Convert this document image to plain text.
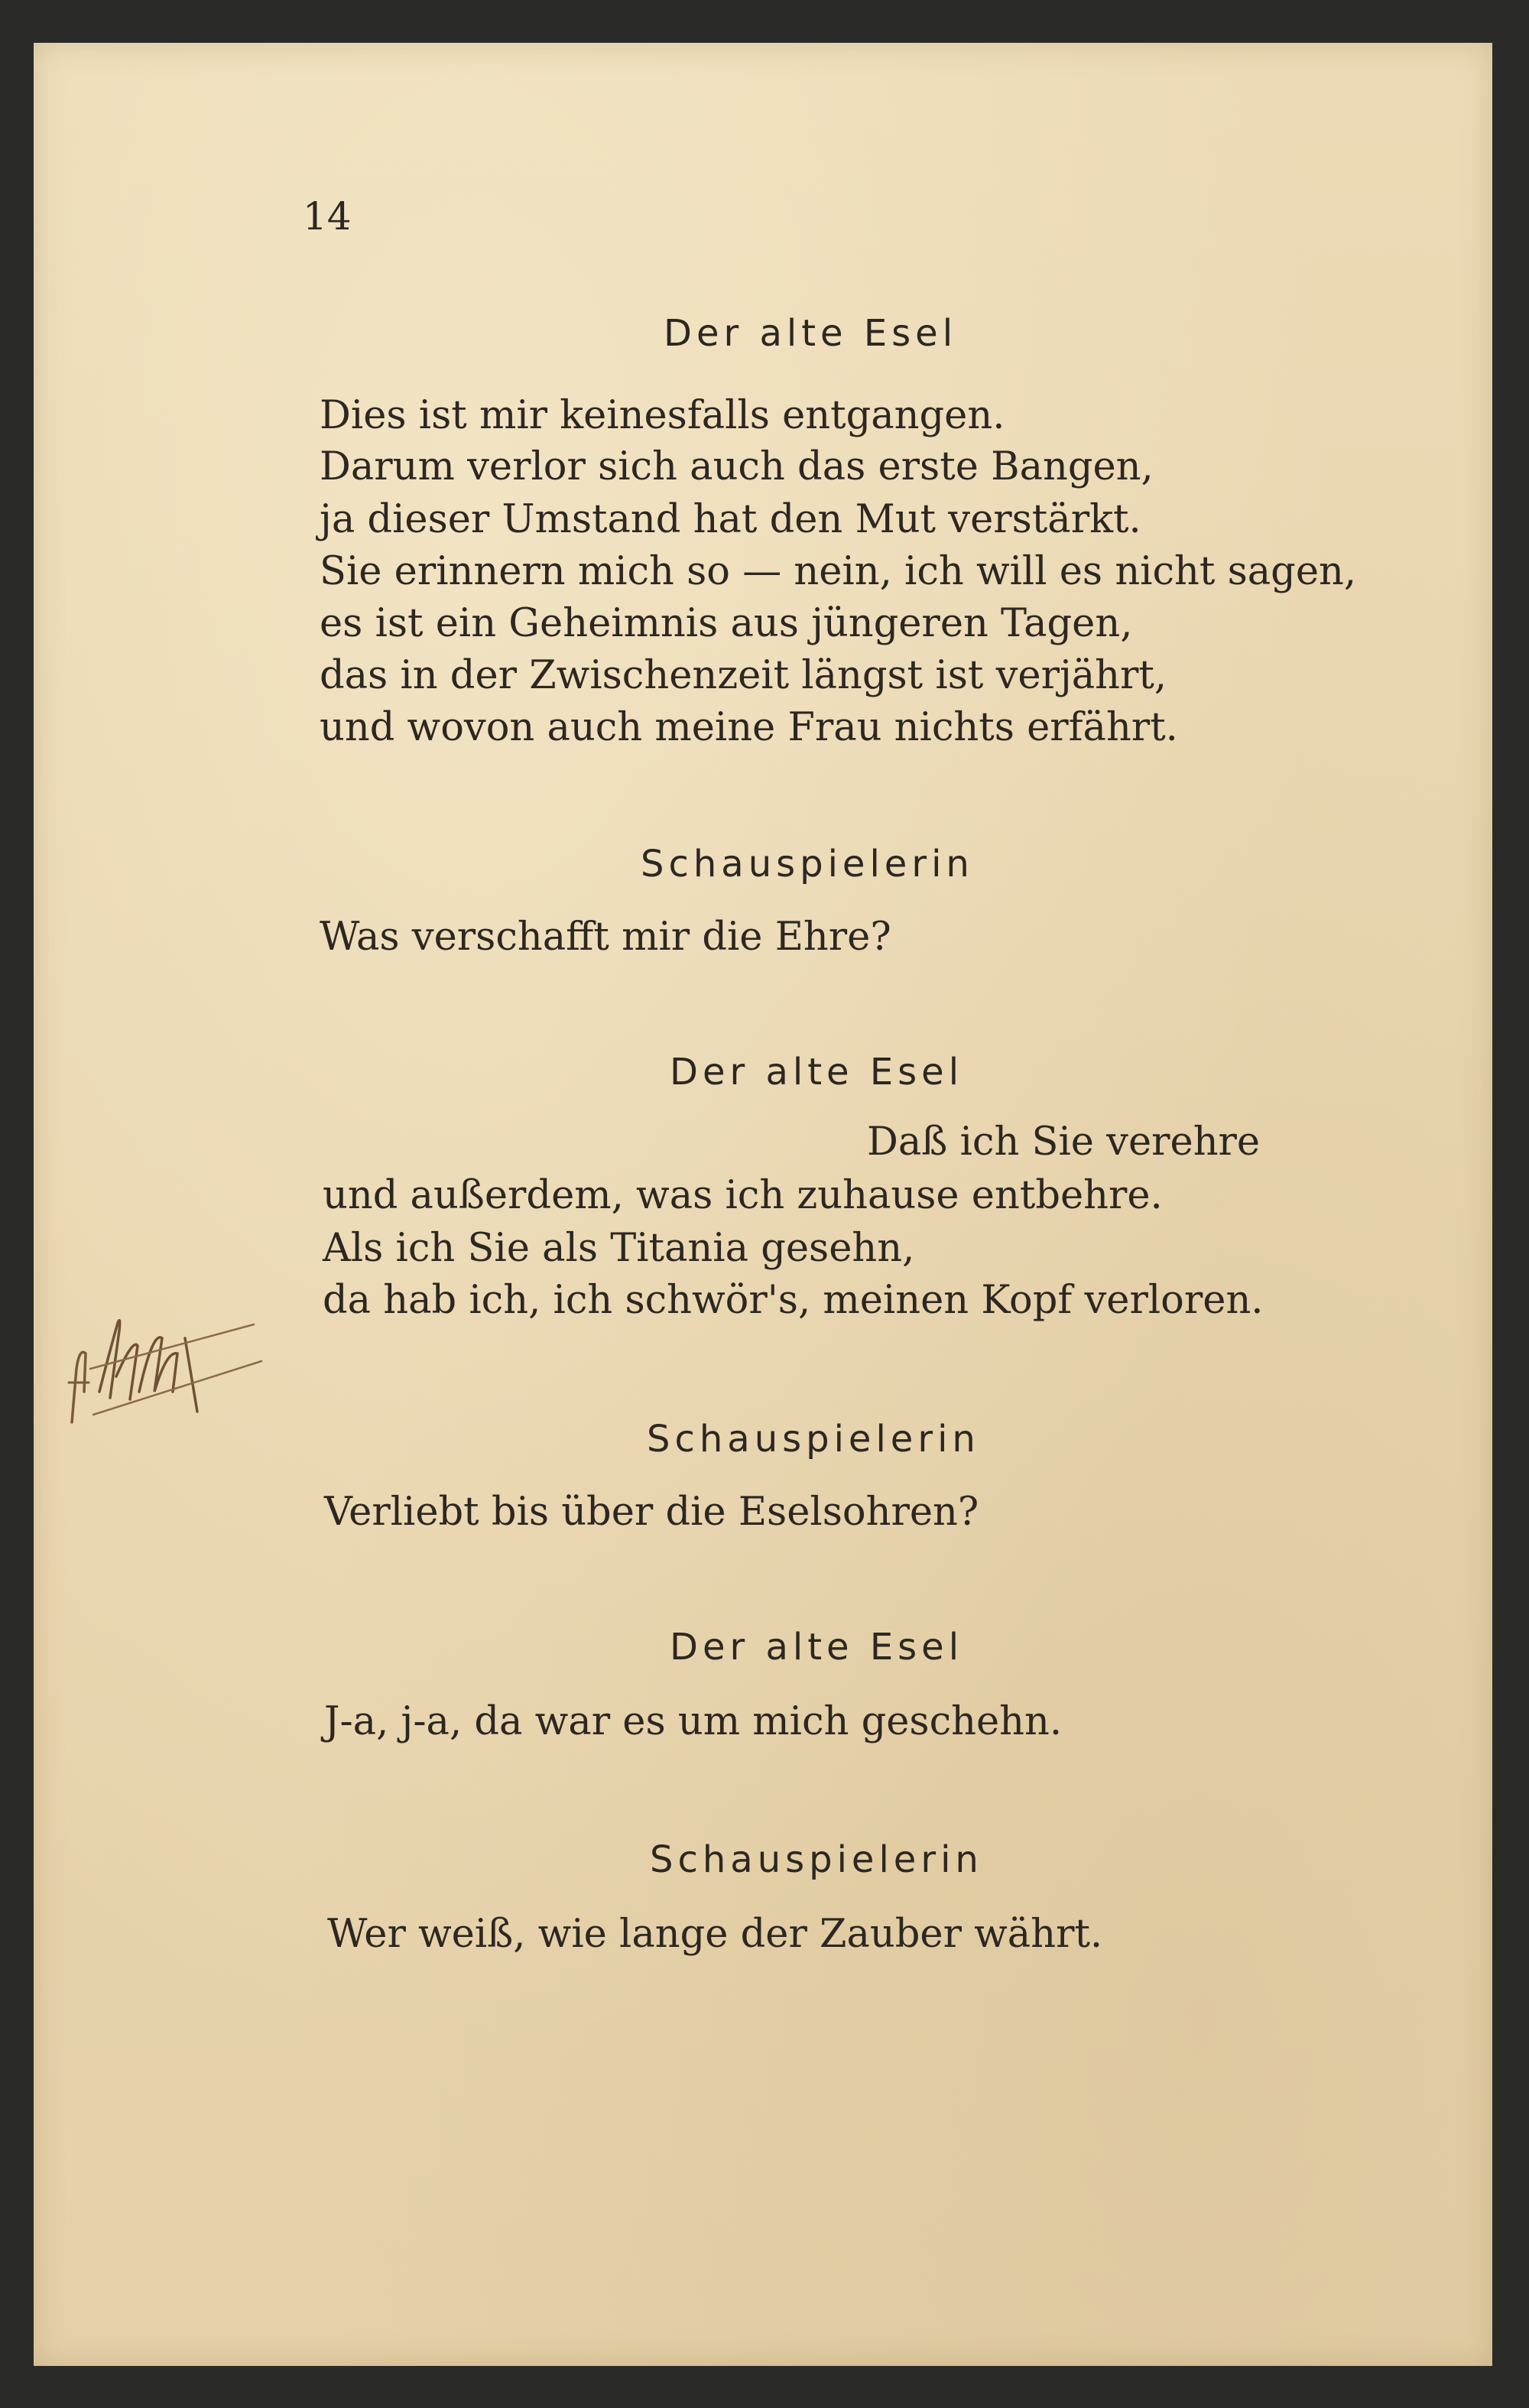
14
Der alte Esel
Dies ist mir keinesfalls entgangen.
Darum verlor sich auch das erste Bangen,
ja dieser Umstand hat den Mut verstärkt.
Sie erinnern mich so — nein, ich will es nicht sagen,
es ist ein Geheimnis aus jüngeren Tagen,
das in der Zwischenzeit längst ist verjährt,
und wovon auch meine Frau nichts erfährt.
Schauspielerin
Was verschafft mir die Ehre?
Der alte Esel
Daß ich Sie verehre
und außerdem, was ich zuhause entbehre.
Als ich Sie als Titania gesehn,
da hab ich, ich schwör's, meinen Kopf verloren.
Schauspielerin
Verliebt bis über die Eselsohren?
Der alte Esel
J-a, j-a, da war es um mich geschehn.
Schauspielerin
Wer weiß, wie lange der Zauber währt.
